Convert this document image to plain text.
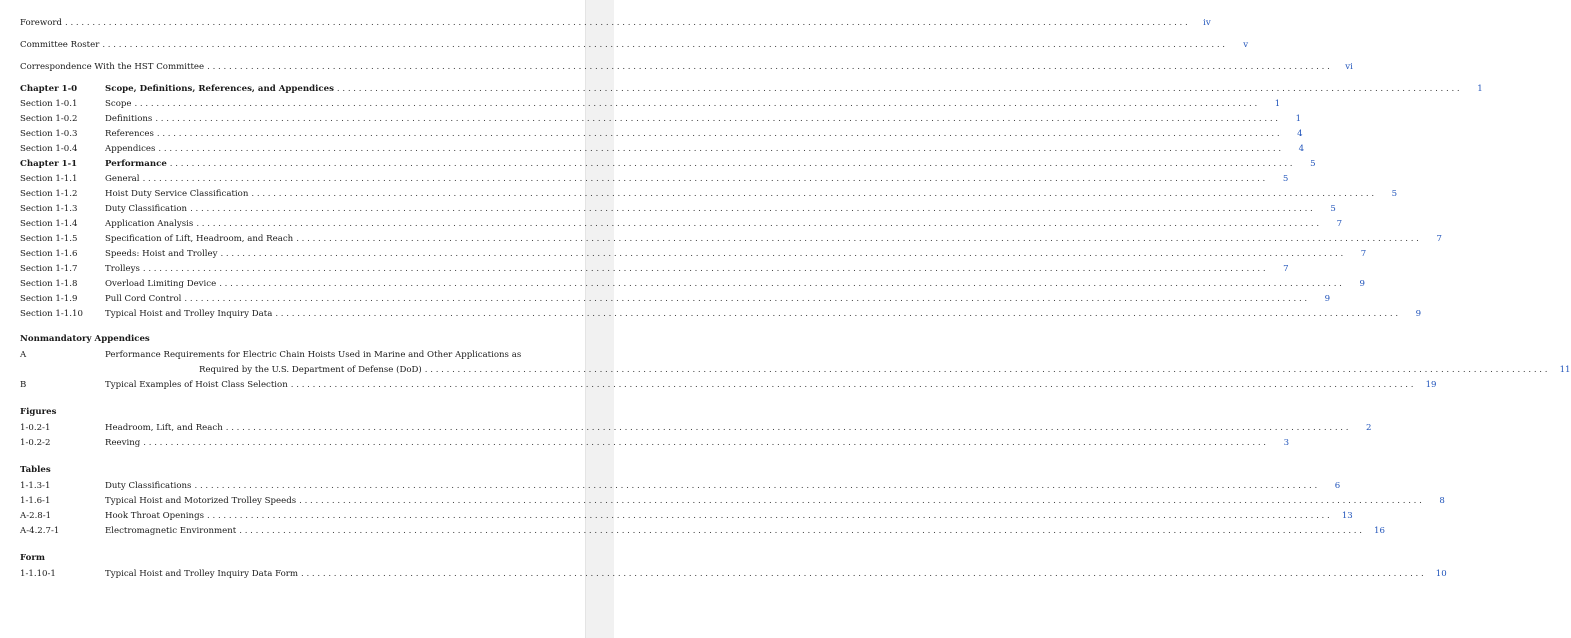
Foreword . . .	iv
Committee Roster . . .	v
Correspondence With the HST Committee . . .	vi
Chapter 1-0	Scope, Definitions, References, and Appendices . . .	1
Section 1-0.1	Scope . . .	1
Section 1-0.2	Definitions . . .	1
Section 1-0.3	References . . .	4
Section 1-0.4	Appendices . . .	4
Chapter 1-1	Performance . . .	5
Section 1-1.1	General . . .	5
Section 1-1.2	Hoist Duty Service Classification . . .	5
Section 1-1.3	Duty Classification . . .	5
Section 1-1.4	Application Analysis . . .	7
Section 1-1.5	Specification of Lift, Headroom, and Reach . . .	7
Section 1-1.6	Speeds: Hoist and Trolley . . .	7
Section 1-1.7	Trolleys . . .	7
Section 1-1.8	Overload Limiting Device . . .	9
Section 1-1.9	Pull Cord Control . . .	9
Section 1-1.10	Typical Hoist and Trolley Inquiry Data . . .	9
Nonmandatory Appendices
A	Performance Requirements for Electric Chain Hoists Used in Marine and Other Applications as
Required by the U.S. Department of Defense (DoD) . . .	11
B	Typical Examples of Hoist Class Selection . . .	19
Figures
1-0.2-1	Headroom, Lift, and Reach . . .	2
1-0.2-2	Reeving . . .	3
Tables
1-1.3-1	Duty Classifications . . .	6
1-1.6-1	Typical Hoist and Motorized Trolley Speeds . . .	8
A-2.8-1	Hook Throat Openings . . .	13
A-4.2.7-1	Electromagnetic Environment . . .	16
Form
1-1.10-1	Typical Hoist and Trolley Inquiry Data Form . . .	10
